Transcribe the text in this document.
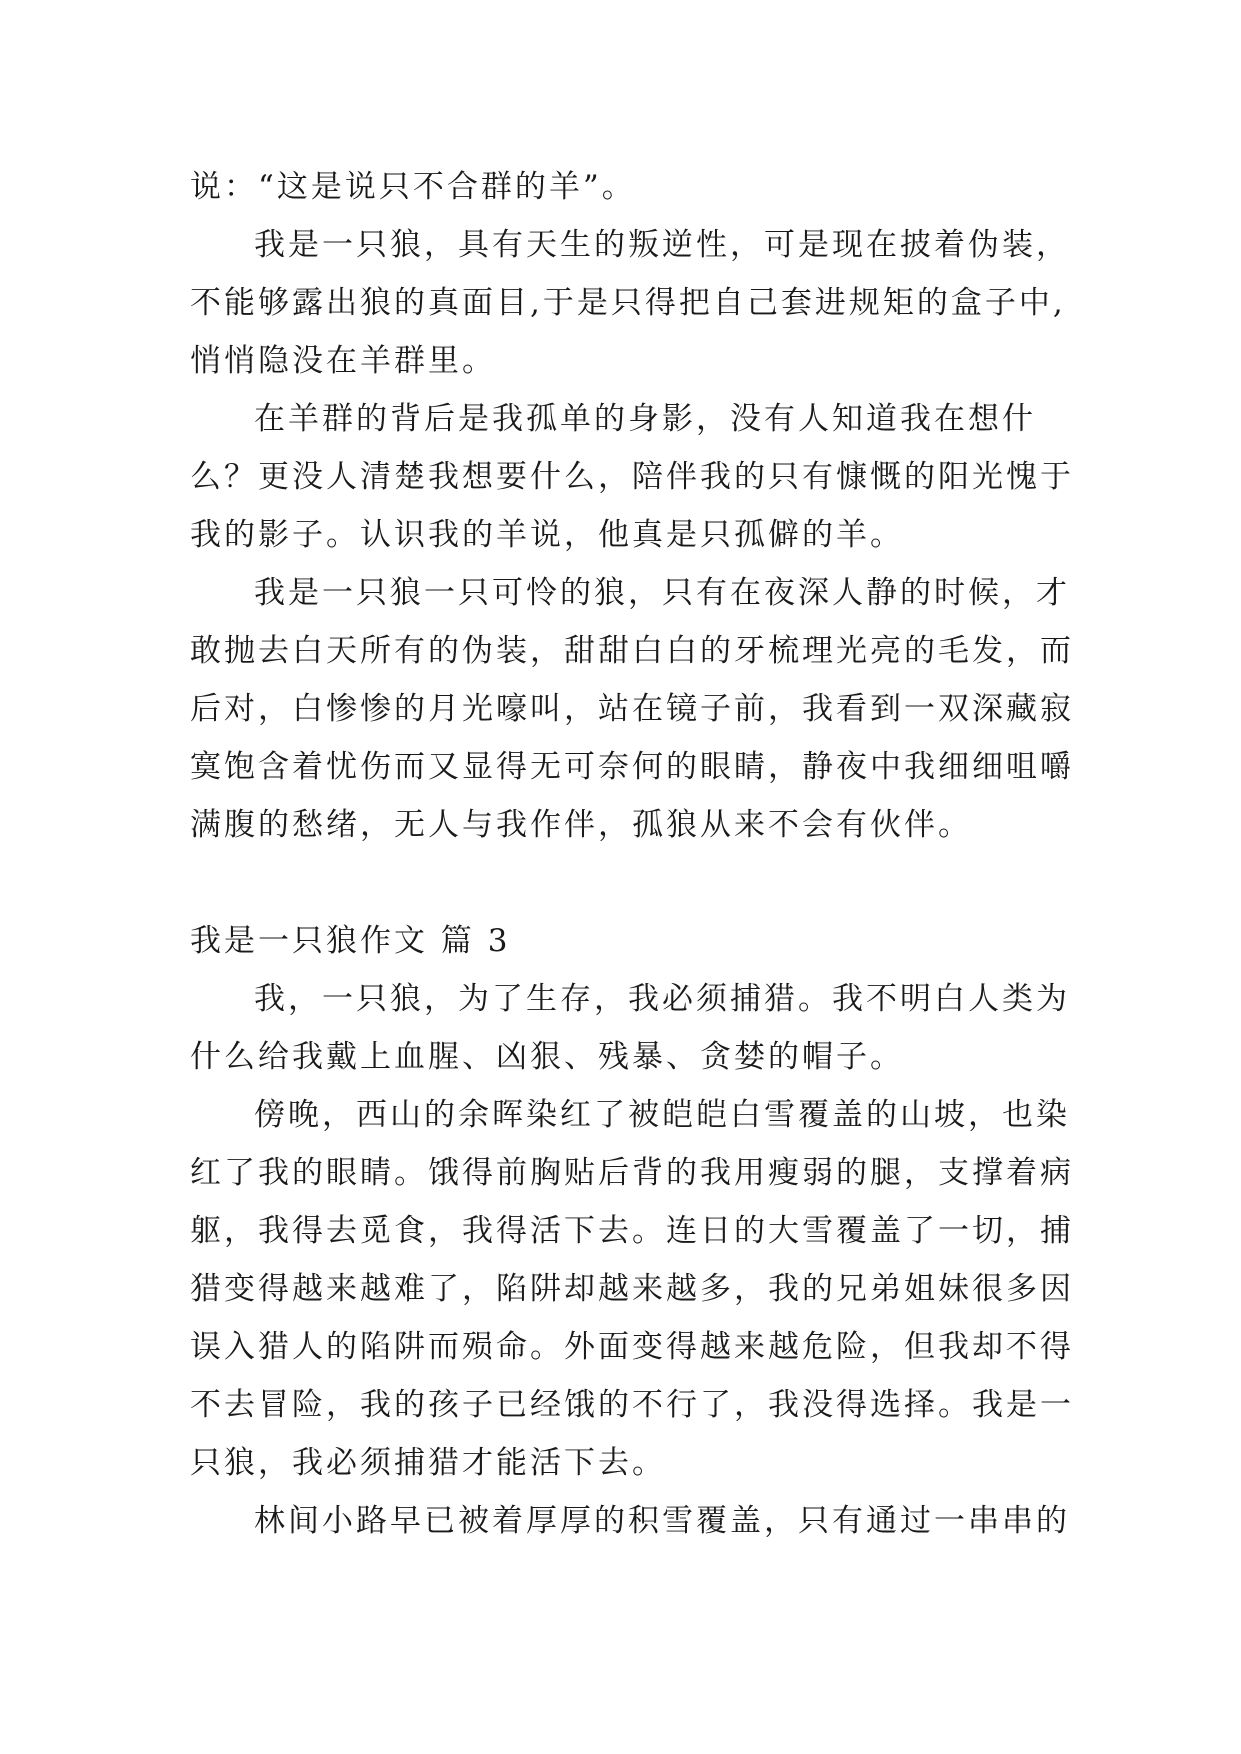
说：“这是说只不合群的羊”。
我是一只狼，具有天生的叛逆性，可是现在披着伪装，
不能够露出狼的真面目,于是只得把自己套进规矩的盒子中,
悄悄隐没在羊群里。
在羊群的背后是我孤单的身影，没有人知道我在想什
么？更没人清楚我想要什么，陪伴我的只有慷慨的阳光愧于
我的影子。认识我的羊说，他真是只孤僻的羊。
我是一只狼一只可怜的狼，只有在夜深人静的时候，才
敢抛去白天所有的伪装，甜甜白白的牙梳理光亮的毛发，而
后对，白惨惨的月光嚎叫，站在镜子前，我看到一双深藏寂
寞饱含着忧伤而又显得无可奈何的眼睛，静夜中我细细咀嚼
满腹的愁绪，无人与我作伴，孤狼从来不会有伙伴。
我是一只狼作文 篇 3
我，一只狼，为了生存，我必须捕猎。我不明白人类为
什么给我戴上血腥、凶狠、残暴、贪婪的帽子。
傍晚，西山的余晖染红了被皑皑白雪覆盖的山坡，也染
红了我的眼睛。饿得前胸贴后背的我用瘦弱的腿，支撑着病
躯，我得去觅食，我得活下去。连日的大雪覆盖了一切，捕
猎变得越来越难了，陷阱却越来越多，我的兄弟姐妹很多因
误入猎人的陷阱而殒命。外面变得越来越危险，但我却不得
不去冒险，我的孩子已经饿的不行了，我没得选择。我是一
只狼，我必须捕猎才能活下去。
林间小路早已被着厚厚的积雪覆盖，只有通过一串串的
